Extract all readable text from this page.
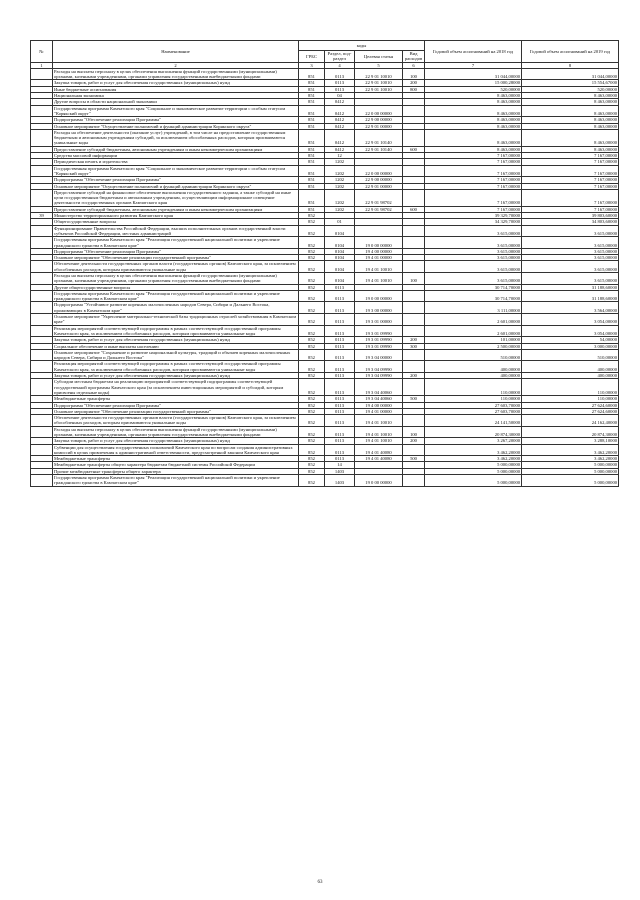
№	Наименование	коды				Годовой объем ассигнований на 2018 год	Годовой объем ассигнований на 2019 год
		ГРБС	Раздел, под-раздел	Целевая статья	Вид расходов		
1	2	3	4	5	6	7	8
	Расходы на выплаты персоналу в целях обеспечения выполнения функций государственными (муниципальными) органами, казенными учреждениями, органами управления государственными внебюджетными фондами	851	0113	22 9 01 10010	100	31 044,00000	31 044,00000
	Закупка товаров, работ и услуг для обеспечения государственных (муниципальных) нужд	851	0113	22 9 01 10010	200	15 000,28000	15 554,67000
	Иные бюджетные ассигнования	851	0113	22 9 01 10010	800	520,00000	520,00000
	Национальная экономика	851	04			8 463,00000	8 463,00000
	Другие вопросы в области национальной экономики	851	0412			8 463,00000	8 463,00000
	Государственная программа Камчатского края "Социальное и экономическое развитие территории с особым статусом "Корякский округ"	851	0412	22 0 00 00000		8 463,00000	8 463,00000
	Подпрограмма "Обеспечение реализации Программы"	851	0412	22 9 00 00000		8 463,00000	8 463,00000
	Основное мероприятие "Осуществление полномочий и функций администрации Корякского округа"	851	0412	22 9 01 00000		8 463,00000	8 463,00000
	Расходы на обеспечение деятельности (оказание услуг) учреждений, в том числе на предоставление государственным бюджетным и автономным учреждениям субсидий, за исключением обособленных расходов, которым присваиваются уникальные коды	851	0412	22 9 01 10140		8 463,00000	8 463,00000
	Предоставление субсидий бюджетным, автономным учреждениям и иным некоммерческим организациям	851	0412	22 9 01 10140	600	8 463,00000	8 463,00000
	Средства массовой информации	851	12			7 167,00000	7 167,00000
	Периодическая печать и издательства	851	1202			7 167,00000	7 167,00000
	Государственная программа Камчатского края "Социальное и экономическое развитие территории с особым статусом "Корякский округ"	851	1202	22 0 00 00000		7 167,00000	7 167,00000
	Подпрограмма "Обеспечение реализации Программы"	851	1202	22 9 00 00000		7 167,00000	7 167,00000
	Основное мероприятие "Осуществление полномочий и функций администрации Корякского округа"	851	1202	22 9 01 00000		7 167,00000	7 167,00000
	Предоставление субсидий на финансовое обеспечение выполнения государственного задания, а также субсидий на иные цели государственным бюджетным и автономным учреждениям, осуществляющим информационное освещение деятельности государственных органов Камчатского края	851	1202	22 9 01 98702		7 167,00000	7 167,00000
	Предоставление субсидий бюджетным, автономным учреждениям и иным некоммерческим организациям	851	1202	22 9 01 98702	600	7 167,00000	7 167,00000
39	Министерство территориального развития Камчатского края	852				39 329,70000	39 803,60000
	Общегосударственные вопросы	852	01			34 329,70000	34 803,60000
	Функционирование Правительства Российской Федерации, высших исполнительных органов государственной власти субъектов Российской Федерации, местных администраций	852	0104			3 615,00000	3 615,00000
	Государственная программа Камчатского края "Реализация государственной национальной политики и укрепление гражданского единства в Камчатском крае"	852	0104	19 0 00 00000		3 615,00000	3 615,00000
	Подпрограмма "Обеспечение реализации Программы"	852	0104	19 4 00 00000		3 615,00000	3 615,00000
	Основное мероприятие "Обеспечение реализации государственной программы"	852	0104	19 4 01 00000		3 615,00000	3 615,00000
	Обеспечение деятельности государственных органов власти (государственных органов) Камчатского края, за исключением обособленных расходов, которым присваиваются уникальные коды	852	0104	19 4 01 10010		3 615,00000	3 615,00000
	Расходы на выплаты персоналу в целях обеспечения выполнения функций государственными (муниципальными) органами, казенными учреждениями, органами управления государственными внебюджетными фондами	852	0104	19 4 01 10010	100	3 615,00000	3 615,00000
	Другие общегосударственные вопросы	852	0113			30 714,70000	31 188,60000
	Государственная программа Камчатского края "Реализация государственной национальной политики и укрепление гражданского единства в Камчатском крае"	852	0113	19 0 00 00000		30 714,70000	31 188,60000
	Подпрограмма "Устойчивое развитие коренных малочисленных народов Севера, Сибири и Дальнего Востока, проживающих в Камчатском крае"	852	0113	19 3 00 00000		3 111,00000	3 564,00000
	Основное мероприятие "Укрепление материально-технической базы традиционных отраслей хозяйствования в Камчатском крае"	852	0113	19 3 01 00000		2 601,00000	3 054,00000
	Реализация мероприятий соответствующей подпрограммы в рамках соответствующей государственной программы Камчатского края, за исключением обособленных расходов, которым присваиваются уникальные коды	852	0113	19 3 01 09990		2 601,00000	3 054,00000
	Закупка товаров, работ и услуг для обеспечения государственных (муниципальных) нужд	852	0113	19 3 01 09990	200	101,00000	54,00000
	Социальное обеспечение и иные выплаты населению	852	0113	19 3 01 09990	300	2 500,00000	3 000,00000
	Основное мероприятие "Сохранение и развитие национальной культуры, традиций и обычаев коренных малочисленных народов Севера, Сибири и Дальнего Востока"	852	0113	19 3 04 00000		510,00000	510,00000
	Реализация мероприятий соответствующей подпрограммы в рамках соответствующей государственной программы Камчатского края, за исключением обособленных расходов, которым присваиваются уникальные коды	852	0113	19 3 04 09990		400,00000	400,00000
	Закупка товаров, работ и услуг для обеспечения государственных (муниципальных) нужд	852	0113	19 3 04 09990	200	400,00000	400,00000
	Субсидии местным бюджетам на реализацию мероприятий соответствующей подпрограммы соответствующей государственной программы Камчатского края (за исключением инвестиционных мероприятий и субсидий, которым присвоены отдельные коды)	852	0113	19 3 04 40060		110,00000	110,00000
	Межбюджетные трансферты	852	0113	19 3 04 40060	500	110,00000	110,00000
	Подпрограмма "Обеспечение реализации Программы"	852	0113	19 4 00 00000		27 603,70000	27 624,60000
	Основное мероприятие "Обеспечение реализации государственной программы"	852	0113	19 4 01 00000		27 603,70000	27 624,60000
	Обеспечение деятельности государственных органов власти (государственных органов) Камчатского края, за исключением обособленных расходов, которым присваиваются уникальные коды	852	0113	19 4 01 10010		24 141,50000	24 162,40000
	Расходы на выплаты персоналу в целях обеспечения выполнения функций государственными (муниципальными) органами, казенными учреждениями, органами управления государственными внебюджетными фондами	852	0113	19 4 01 10010	100	20 874,30000	20 874,30000
	Закупка товаров, работ и услуг для обеспечения государственных (муниципальных) нужд	852	0113	19 4 01 10010	200	3 267,20000	3 288,10000
	Субвенции для осуществления государственных полномочий Камчатского края по вопросам создания административных комиссий в целях привлечения к административной ответственности, предусмотренной законом Камчатского края	852	0113	19 4 01 40080		3 462,20000	3 462,20000
	Межбюджетные трансферты	852	0113	19 4 01 40080	500	3 462,20000	3 462,20000
	Межбюджетные трансферты общего характера бюджетам бюджетной системы Российской Федерации	852	14			5 000,00000	5 000,00000
	Прочие межбюджетные трансферты общего характера	852	1403			5 000,00000	5 000,00000
	Государственная программа Камчатского края "Реализация государственной национальной политики и укрепление гражданского единства в Камчатском крае"	852	1403	19 0 00 00000		5 000,00000	5 000,00000
63
